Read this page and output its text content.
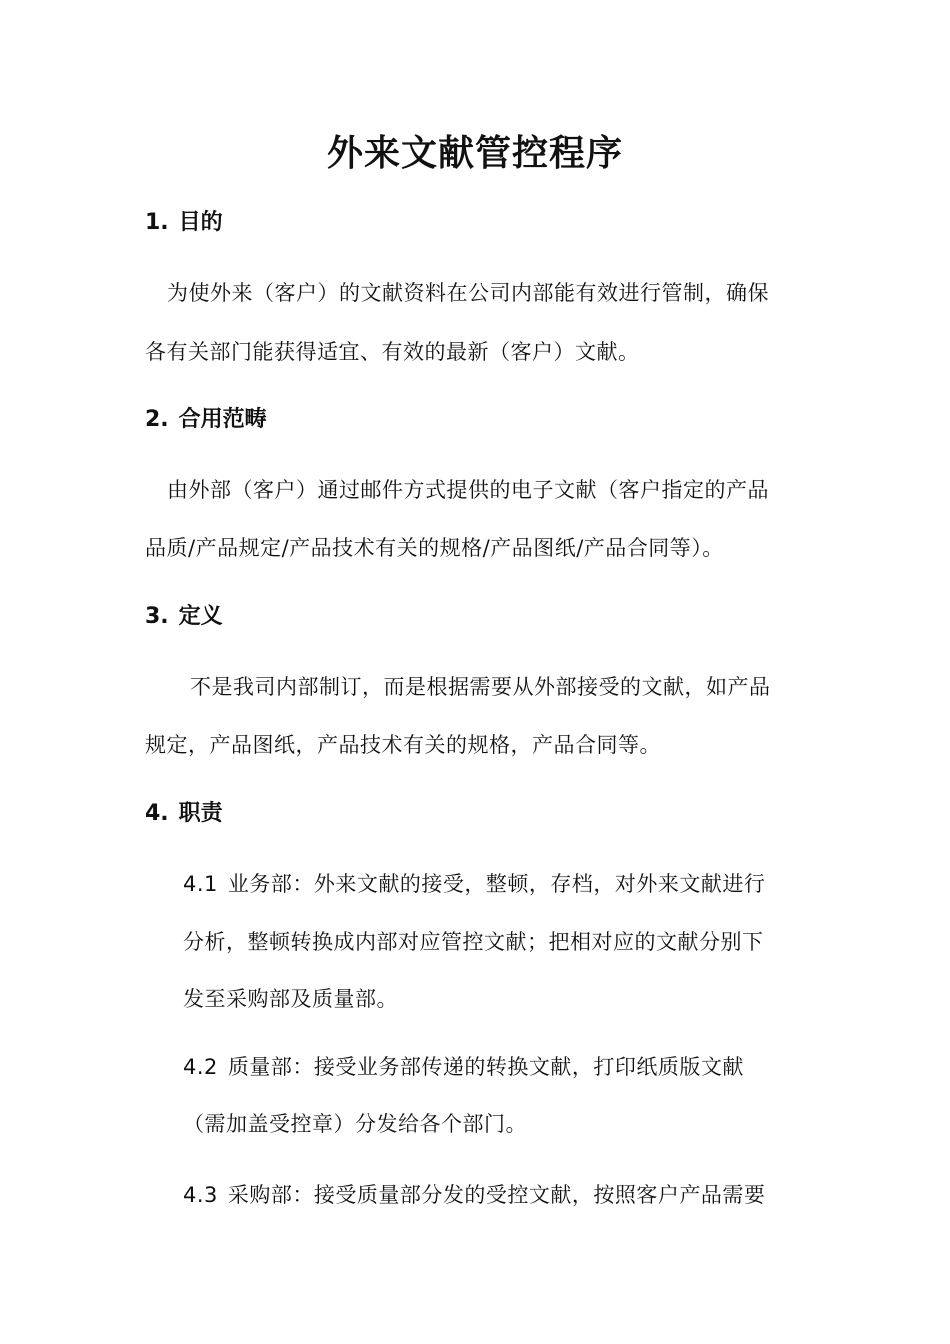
外来文献管控程序
1. 目的
为使外来（客户）的文献资料在公司内部能有效进行管制，确保
各有关部门能获得适宜、有效的最新（客户）文献。
2. 合用范畴
由外部（客户）通过邮件方式提供的电子文献（客户指定的产品
品质/产品规定/产品技术有关的规格/产品图纸/产品合同等）。
3. 定义
不是我司内部制订，而是根据需要从外部接受的文献，如产品
规定，产品图纸，产品技术有关的规格，产品合同等。
4. 职责
4.1 业务部：外来文献的接受，整顿，存档，对外来文献进行
分析，整顿转换成内部对应管控文献；把相对应的文献分别下
发至采购部及质量部。
4.2 质量部：接受业务部传递的转换文献，打印纸质版文献
（需加盖受控章）分发给各个部门。
4.3 采购部：接受质量部分发的受控文献，按照客户产品需要
